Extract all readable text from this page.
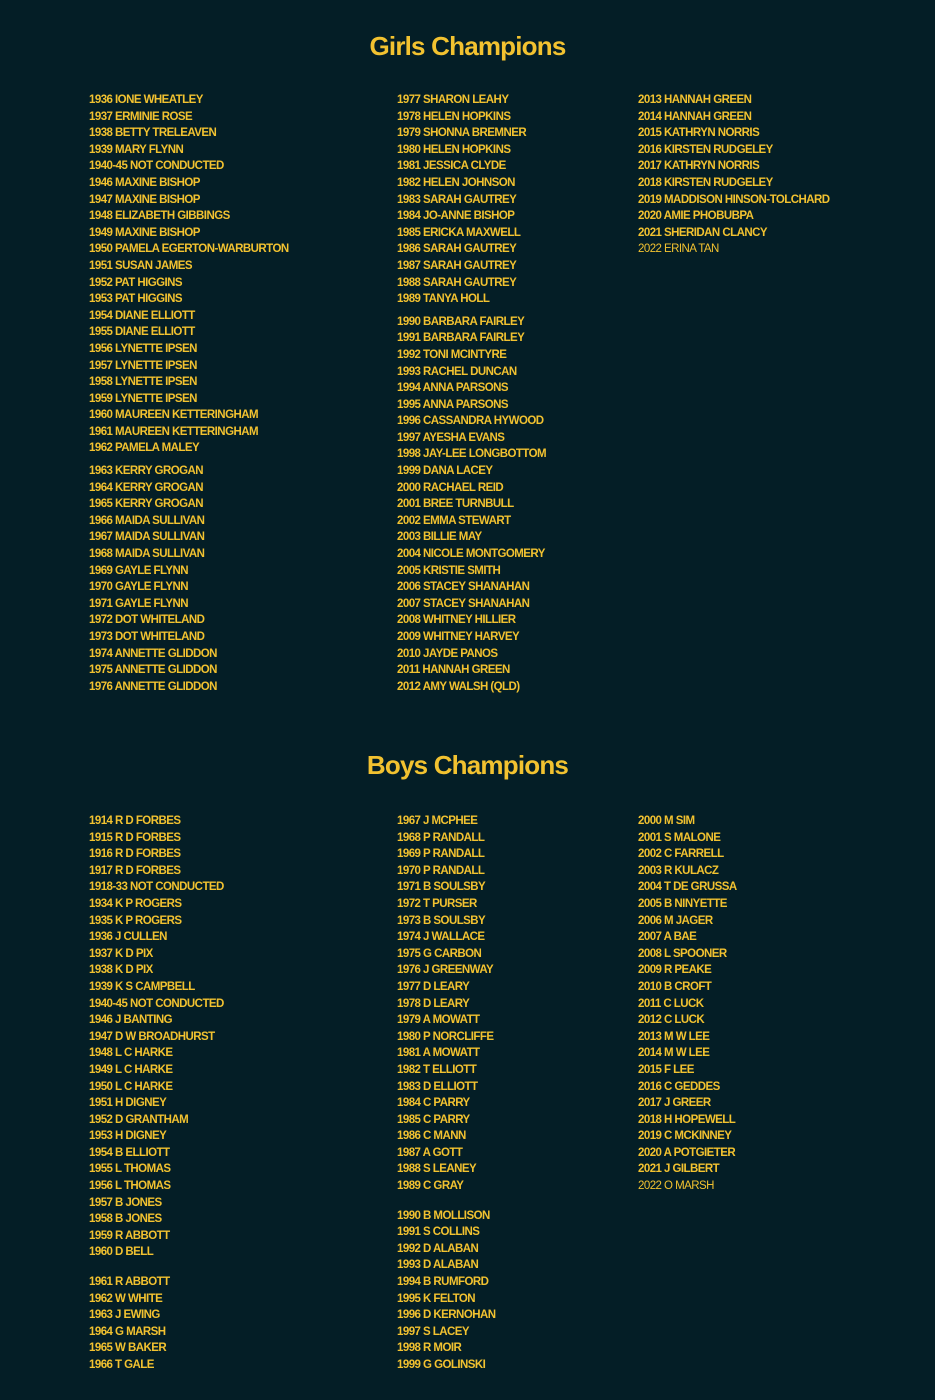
Girls Champions
1936 IONE WHEATLEY
1937 ERMINIE ROSE
1938 BETTY TRELEAVEN
1939 MARY FLYNN
1940-45 NOT CONDUCTED
1946 MAXINE BISHOP
1947 MAXINE BISHOP
1948 ELIZABETH GIBBINGS
1949 MAXINE BISHOP
1950 PAMELA EGERTON-WARBURTON
1951 SUSAN JAMES
1952 PAT HIGGINS
1953 PAT HIGGINS
1954 DIANE ELLIOTT
1955 DIANE ELLIOTT
1956 LYNETTE IPSEN
1957 LYNETTE IPSEN
1958 LYNETTE IPSEN
1959 LYNETTE IPSEN
1960 MAUREEN KETTERINGHAM
1961 MAUREEN KETTERINGHAM
1962 PAMELA MALEY
1963 KERRY GROGAN
1964 KERRY GROGAN
1965 KERRY GROGAN
1966 MAIDA SULLIVAN
1967 MAIDA SULLIVAN
1968 MAIDA SULLIVAN
1969 GAYLE FLYNN
1970 GAYLE FLYNN
1971 GAYLE FLYNN
1972 DOT WHITELAND
1973 DOT WHITELAND
1974 ANNETTE GLIDDON
1975 ANNETTE GLIDDON
1976 ANNETTE GLIDDON
1977 SHARON LEAHY
1978 HELEN HOPKINS
1979 SHONNA BREMNER
1980 HELEN HOPKINS
1981 JESSICA CLYDE
1982 HELEN JOHNSON
1983 SARAH GAUTREY
1984 JO-ANNE BISHOP
1985 ERICKA MAXWELL
1986 SARAH GAUTREY
1987 SARAH GAUTREY
1988 SARAH GAUTREY
1989 TANYA HOLL
1990 BARBARA FAIRLEY
1991 BARBARA FAIRLEY
1992 TONI MCINTYRE
1993 RACHEL DUNCAN
1994 ANNA PARSONS
1995 ANNA PARSONS
1996 CASSANDRA HYWOOD
1997 AYESHA EVANS
1998 JAY-LEE LONGBOTTOM
1999 DANA LACEY
2000 RACHAEL REID
2001 BREE TURNBULL
2002 EMMA STEWART
2003 BILLIE MAY
2004 NICOLE MONTGOMERY
2005 KRISTIE SMITH
2006 STACEY SHANAHAN
2007 STACEY SHANAHAN
2008 WHITNEY HILLIER
2009 WHITNEY HARVEY
2010 JAYDE PANOS
2011 HANNAH GREEN
2012 AMY WALSH (QLD)
2013 HANNAH GREEN
2014 HANNAH GREEN
2015 KATHRYN NORRIS
2016 KIRSTEN RUDGELEY
2017 KATHRYN NORRIS
2018 KIRSTEN RUDGELEY
2019 MADDISON HINSON-TOLCHARD
2020 AMIE PHOBUBPA
2021 SHERIDAN CLANCY
2022 ERINA TAN
Boys Champions
1914 R D FORBES
1915 R D FORBES
1916 R D FORBES
1917 R D FORBES
1918-33 NOT CONDUCTED
1934 K P ROGERS
1935 K P ROGERS
1936 J CULLEN
1937 K D PIX
1938 K D PIX
1939 K S CAMPBELL
1940-45 NOT CONDUCTED
1946 J BANTING
1947 D W BROADHURST
1948 L C HARKE
1949 L C HARKE
1950 L C HARKE
1951 H DIGNEY
1952 D GRANTHAM
1953 H DIGNEY
1954 B ELLIOTT
1955 L THOMAS
1956 L THOMAS
1957 B JONES
1958 B JONES
1959 R ABBOTT
1960 D BELL
1961 R ABBOTT
1962 W WHITE
1963 J EWING
1964 G MARSH
1965 W BAKER
1966 T GALE
1967 J MCPHEE
1968 P RANDALL
1969 P RANDALL
1970 P RANDALL
1971 B SOULSBY
1972 T PURSER
1973 B SOULSBY
1974 J WALLACE
1975 G CARBON
1976 J GREENWAY
1977 D LEARY
1978 D LEARY
1979 A MOWATT
1980 P NORCLIFFE
1981 A MOWATT
1982 T ELLIOTT
1983 D ELLIOTT
1984 C PARRY
1985 C PARRY
1986 C MANN
1987 A GOTT
1988 S LEANEY
1989 C GRAY
1990 B MOLLISON
1991 S COLLINS
1992 D ALABAN
1993 D ALABAN
1994 B RUMFORD
1995 K FELTON
1996 D KERNOHAN
1997 S LACEY
1998 R MOIR
1999 G GOLINSKI
2000 M SIM
2001 S MALONE
2002 C FARRELL
2003 R KULACZ
2004 T DE GRUSSA
2005 B NINYETTE
2006 M JAGER
2007 A BAE
2008 L SPOONER
2009 R PEAKE
2010 B CROFT
2011 C LUCK
2012 C LUCK
2013 M W LEE
2014 M W LEE
2015 F LEE
2016 C GEDDES
2017 J GREER
2018 H HOPEWELL
2019 C MCKINNEY
2020 A POTGIETER
2021 J GILBERT
2022 O MARSH
